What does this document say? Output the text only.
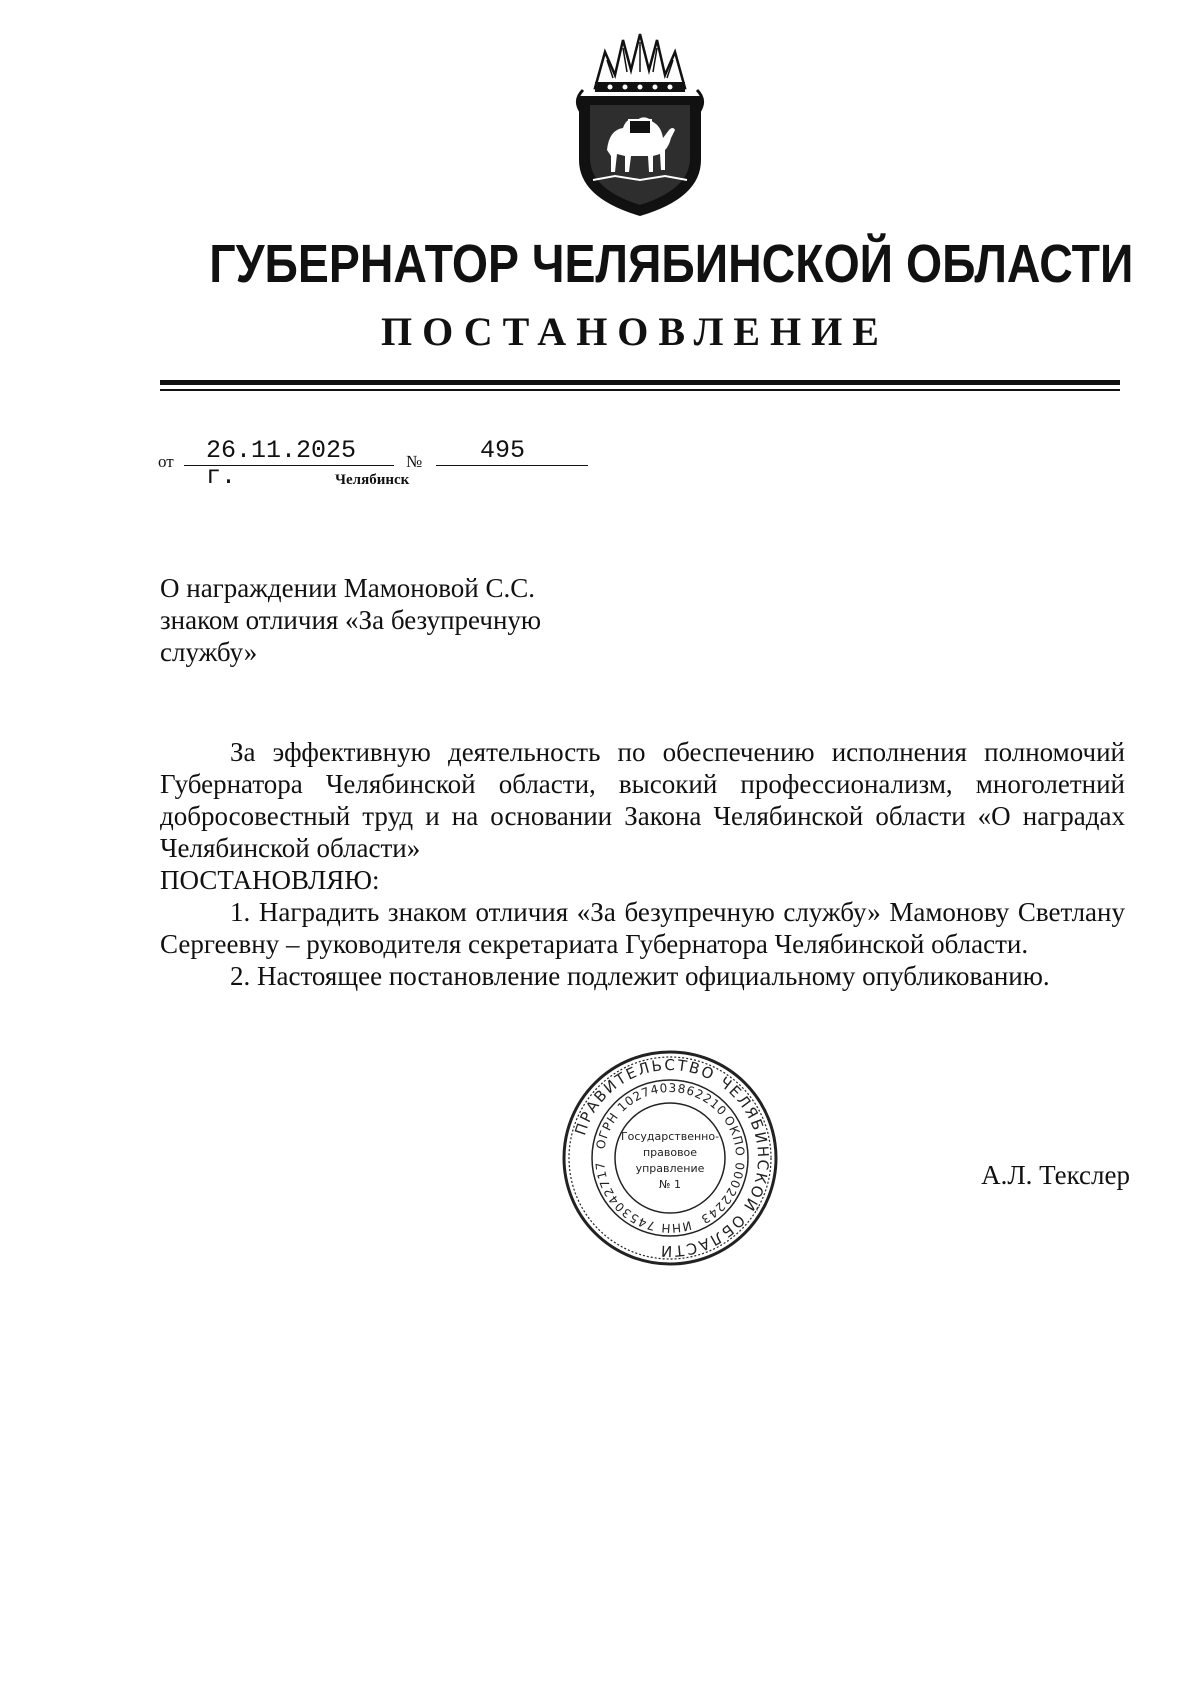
ГУБЕРНАТОР ЧЕЛЯБИНСКОЙ ОБЛАСТИ
ПОСТАНОВЛЕНИЕ
от	26.11.2025 г.
№	495
Челябинск
О награждении Мамоновой С.С.
знаком отличия «За безупречную
службу»

За эффективную деятельность по обеспечению исполнения полномочий Губернатора Челябинской области, высокий профессионализм, многолетний добросовестный труд и на основании Закона Челябинской области «О наградах Челябинской области»

ПОСТАНОВЛЯЮ:

1. Наградить знаком отличия «За безупречную службу» Мамонову Светлану Сергеевну – руководителя секретариата Губернатора Челябинской области.

2. Настоящее постановление подлежит официальному опубликованию.

ПРАВИТЕЛЬСТВО ЧЕЛЯБИНСКОЙ ОБЛАСТИ
ОГРН 1027403862210
ОКПО 00022243
ИНН 7453042717
Государственно-
правовое
управление
№ 1	А.Л. Текслер
